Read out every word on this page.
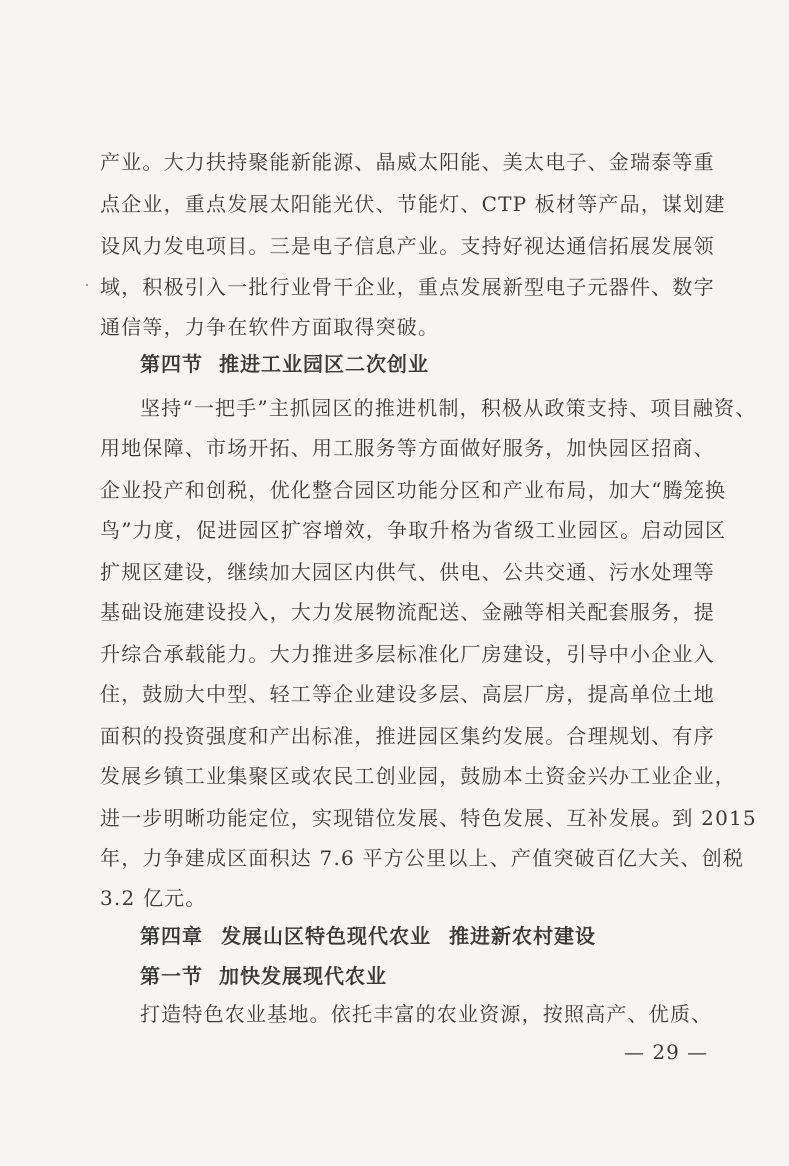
产业。大力扶持聚能新能源、晶威太阳能、美太电子、金瑞泰等重
点企业，重点发展太阳能光伏、节能灯、CTP 板材等产品，谋划建
设风力发电项目。三是电子信息产业。支持好视达通信拓展发展领
域，积极引入一批行业骨干企业，重点发展新型电子元器件、数字
通信等，力争在软件方面取得突破。
第四节 推进工业园区二次创业
坚持“一把手”主抓园区的推进机制，积极从政策支持、项目融资、
用地保障、市场开拓、用工服务等方面做好服务，加快园区招商、
企业投产和创税，优化整合园区功能分区和产业布局，加大“腾笼换
鸟”力度，促进园区扩容增效，争取升格为省级工业园区。启动园区
扩规区建设，继续加大园区内供气、供电、公共交通、污水处理等
基础设施建设投入，大力发展物流配送、金融等相关配套服务，提
升综合承载能力。大力推进多层标准化厂房建设，引导中小企业入
住，鼓励大中型、轻工等企业建设多层、高层厂房，提高单位土地
面积的投资强度和产出标准，推进园区集约发展。合理规划、有序
发展乡镇工业集聚区或农民工创业园，鼓励本土资金兴办工业企业，
进一步明晰功能定位，实现错位发展、特色发展、互补发展。到 2015
年，力争建成区面积达 7.6 平方公里以上、产值突破百亿大关、创税
3.2 亿元。
第四章 发展山区特色现代农业 推进新农村建设
第一节 加快发展现代农业
打造特色农业基地。依托丰富的农业资源，按照高产、优质、
— 29 —
